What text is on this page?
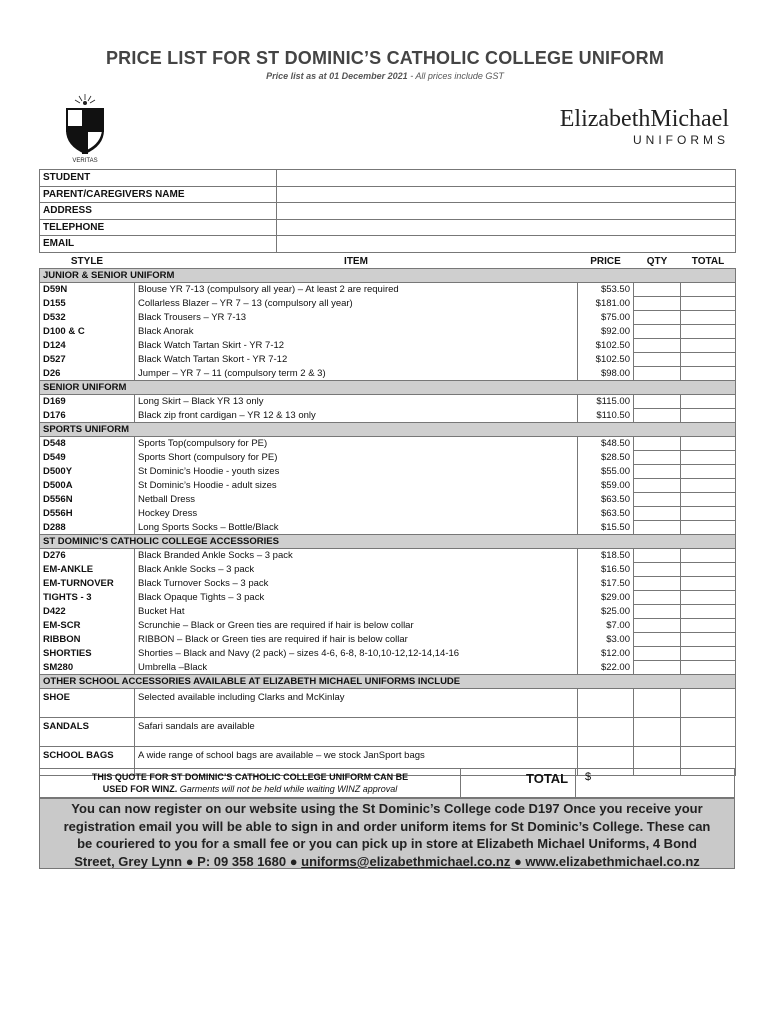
PRICE LIST FOR ST DOMINIC’S CATHOLIC COLLEGE UNIFORM
Price list as at 01 December 2021 - All prices include GST
VERITAS
ElizabethMichael
UNIFORMS
STUDENT	
PARENT/CAREGIVERS NAME	
ADDRESS	
TELEPHONE	
EMAIL	
STYLE	ITEM	PRICE	QTY	TOTAL
JUNIOR & SENIOR UNIFORM				
D59N	Blouse YR 7-13 (compulsory all year) – At least 2 are required	$53.50		
D155	Collarless Blazer – YR 7 – 13 (compulsory all year)	$181.00		
D532	Black Trousers – YR 7-13	$75.00		
D100 & C	Black Anorak	$92.00		
D124	Black Watch Tartan Skirt - YR 7-12	$102.50		
D527	Black Watch Tartan Skort - YR 7-12	$102.50		
D26	Jumper – YR 7 – 11 (compulsory term 2 & 3)	$98.00		
SENIOR UNIFORM				
D169	Long Skirt – Black YR 13 only	$115.00		
D176	Black zip front cardigan – YR 12 & 13 only	$110.50		
SPORTS UNIFORM				
D548	Sports Top(compulsory for PE)	$48.50		
D549	Sports Short (compulsory for PE)	$28.50		
D500Y	St Dominic’s Hoodie - youth sizes	$55.00		
D500A	St Dominic’s Hoodie - adult sizes	$59.00		
D556N	Netball Dress	$63.50		
D556H	Hockey Dress	$63.50		
D288	Long Sports Socks – Bottle/Black	$15.50		
ST DOMINIC’S CATHOLIC COLLEGE ACCESSORIES				
D276	Black Branded Ankle Socks – 3 pack	$18.50		
EM-ANKLE	Black Ankle Socks – 3 pack	$16.50		
EM-TURNOVER	Black Turnover Socks – 3 pack	$17.50		
TIGHTS - 3	Black Opaque Tights – 3 pack	$29.00		
D422	Bucket Hat	$25.00		
EM-SCR	Scrunchie – Black or Green ties are required if hair is below collar	$7.00		
RIBBON	RIBBON – Black or Green ties are required if hair is below collar	$3.00		
SHORTIES	Shorties – Black and Navy (2 pack) – sizes 4-6, 6-8, 8-10,10-12,12-14,14-16	$12.00		
SM280	Umbrella –Black	$22.00		
OTHER SCHOOL ACCESSORIES AVAILABLE AT ELIZABETH MICHAEL UNIFORMS INCLUDE				
SHOE	Selected available including Clarks and McKinlay			
SANDALS	Safari sandals are available			
SCHOOL BAGS	A wide range of school bags are available – we stock JanSport bags			
THIS QUOTE FOR ST DOMINIC’S CATHOLIC COLLEGE UNIFORM CAN BE
USED FOR WINZ. Garments will not be held while waiting WINZ approval
TOTAL $
You can now register on our website using the St Dominic’s College code D197 Once you receive your
registration email you will be able to sign in and order uniform items for St Dominic’s College. These can
be couriered to you for a small fee or you can pick up in store at Elizabeth Michael Uniforms, 4 Bond
Street, Grey Lynn ● P: 09 358 1680 ● uniforms@elizabethmichael.co.nz ● www.elizabethmichael.co.nz
